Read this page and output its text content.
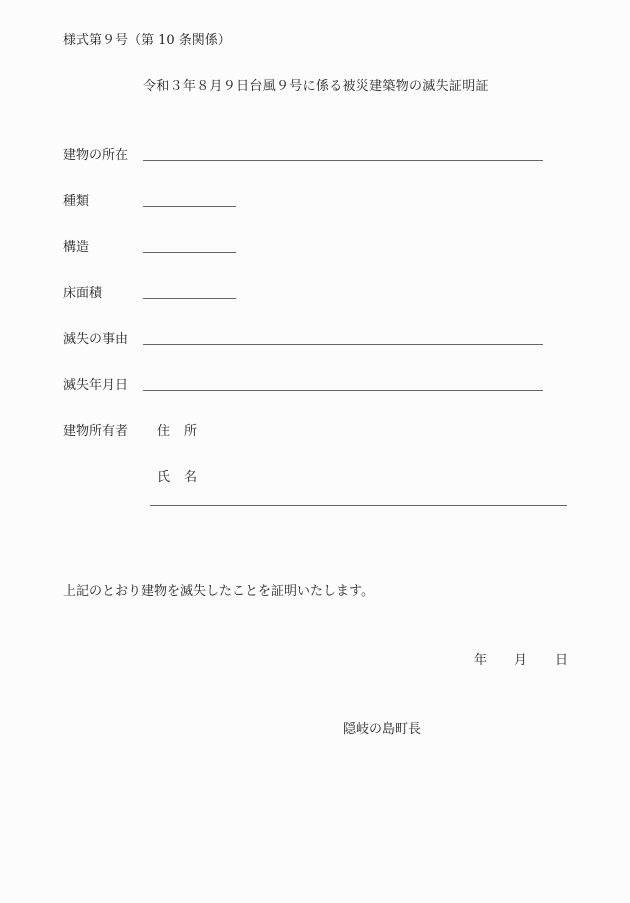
様式第９号（第 10 条関係）
令和３年８月９日台風９号に係る被災建築物の滅失証明証
建物の所在
種類
構造
床面積
滅失の事由
滅失年月日
建物所有者 住所
氏名
上記のとおり建物を滅失したことを証明いたします。
年 月 日
隠岐の島町長
